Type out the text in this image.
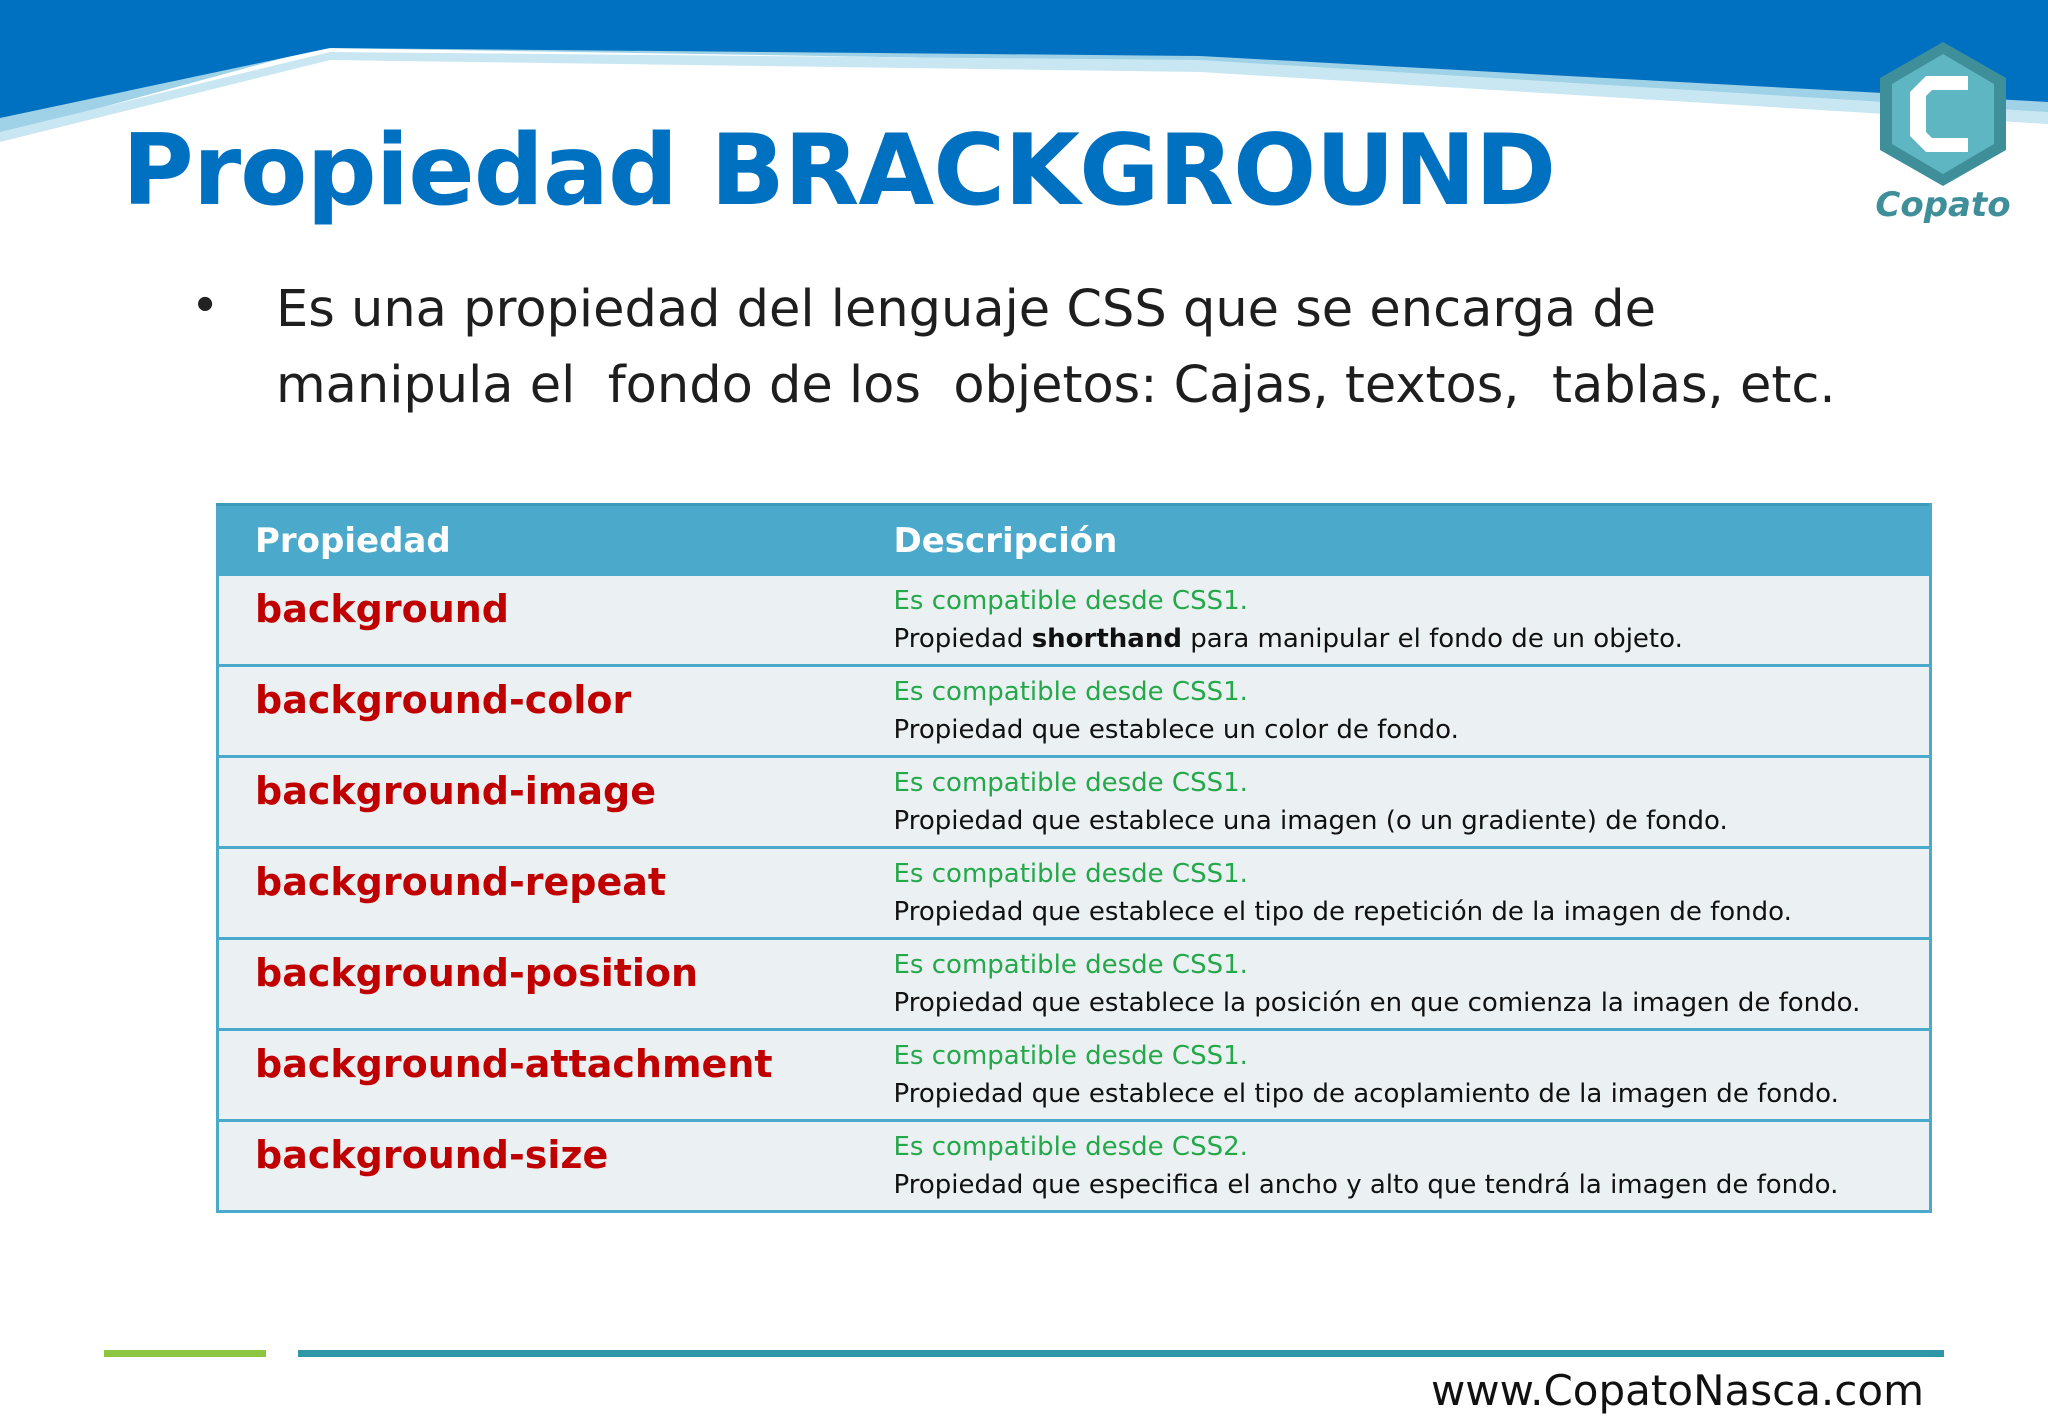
Copato
Propiedad BRACKGROUND
• Es una propiedad del lenguaje CSS que se encarga de  manipula el  fondo de los  objetos: Cajas, textos,  tablas, etc.
Propiedad	Descripción

background	Es compatible desde CSS1.
Propiedad shorthand para manipular el fondo de un objeto.

background-color	Es compatible desde CSS1.
Propiedad que establece un color de fondo.

background-image	Es compatible desde CSS1.
Propiedad que establece una imagen (o un gradiente) de fondo.

background-repeat	Es compatible desde CSS1.
Propiedad que establece el tipo de repetición de la imagen de fondo.

background-position	Es compatible desde CSS1.
Propiedad que establece la posición en que comienza la imagen de fondo.

background-attachment	Es compatible desde CSS1.
Propiedad que establece el tipo de acoplamiento de la imagen de fondo.

background-size	Es compatible desde CSS2.
Propiedad que especifica el ancho y alto que tendrá la imagen de fondo.
www.CopatoNasca.com
